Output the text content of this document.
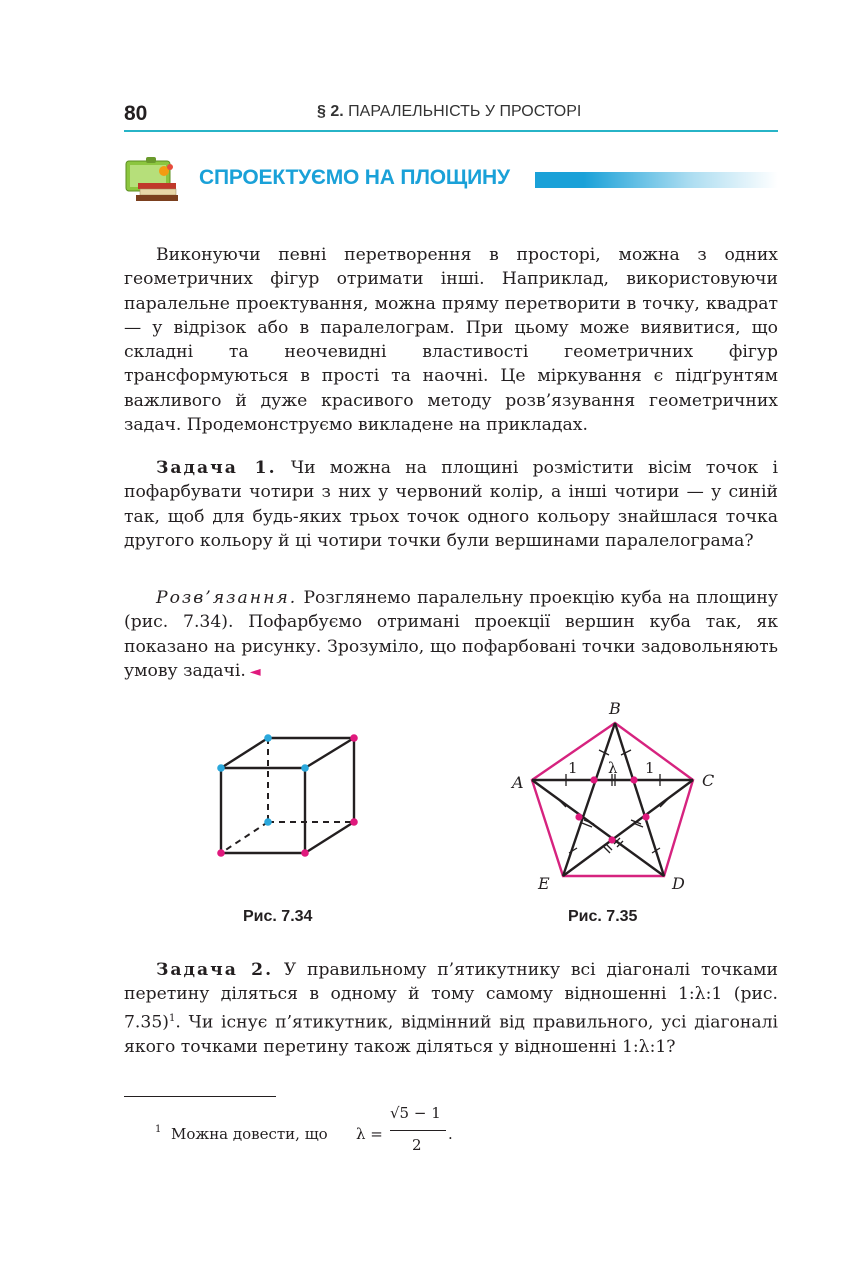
80	§ 2. ПАРАЛЕЛЬНІСТЬ У ПРОСТОРІ
СПРОЕКТУЄМО НА ПЛОЩИНУ

Виконуючи певні перетворення в просторі, можна з одних геометричних фігур отримати інші. Наприклад, використовуючи паралельне проектування, можна пряму перетворити в точку, квадрат — у відрізок або в паралелограм. При цьому може виявитися, що складні та неочевидні властивості геометричних фігур трансформуються в прості та наочні. Це міркування є підґрунтям важливого й дуже красивого методу розв’язування геометричних задач. Продемонструємо викладене на прикладах.

Задача 1. Чи можна на площині розмістити вісім точок і пофарбувати чотири з них у червоний колір, а інші чотири — у синій так, щоб для будь-яких трьох точок одного кольору знайшлася точка другого кольору й ці чотири точки були вершинами паралелограма?

Розв’язання. Розглянемо паралельну проекцію куба на площину (рис. 7.34). Пофарбуємо отримані проекції вершин куба так, як показано на рисунку. Зрозуміло, що пофарбовані точки задовольняють умову задачі. ◄

Рис. 7.34
B
A	C
D
E
1 λ 1
Рис. 7.35

Задача 2. У правильному п’ятикутнику всі діагоналі точками перетину діляться в одному й тому самому відношенні 1:λ:1 (рис. 7.35)$^1$. Чи існує п’ятикутник, відмінний від правильного, усі діагоналі якого точками перетину також діляться у відношенні 1:λ:1?

1 Можна довести, що λ =
√5 − 1
2
.
